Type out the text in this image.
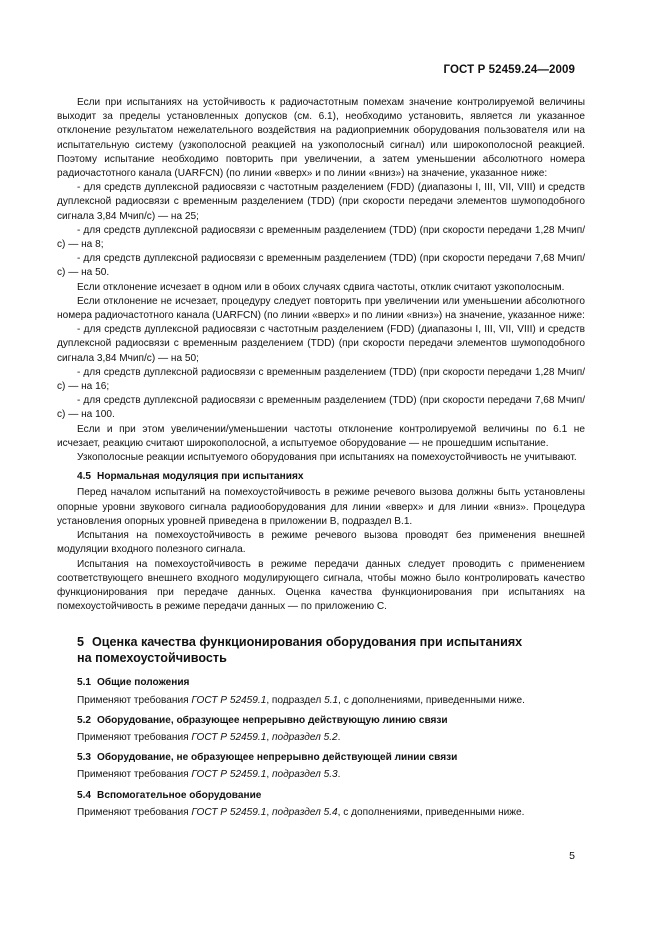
ГОСТ Р 52459.24—2009

Если при испытаниях на устойчивость к радиочастотным помехам значение контролируемой величины выходит за пределы установленных допусков (см. 6.1), необходимо установить, является ли указанное отклонение результатом нежелательного воздействия на радиоприемник оборудования пользователя или на испытательную систему (узкополосной реакцией на узкополосный сигнал) или широкополосной реакцией. Поэтому испытание необходимо повторить при увеличении, а затем уменьшении абсолютного номера радиочастотного канала (UARFCN) (по линии «вверх» и по линии «вниз») на значение, указанное ниже:

- для средств дуплексной радиосвязи с частотным разделением (FDD) (диапазоны I, III, VII, VIII) и средств дуплексной радиосвязи с временным разделением (TDD) (при скорости передачи элементов шумоподобного сигнала 3,84 Мчип/с) — на 25;

- для средств дуплексной радиосвязи с временным разделением (TDD) (при скорости передачи 1,28 Мчип/с) — на 8;

- для средств дуплексной радиосвязи с временным разделением (TDD) (при скорости передачи 7,68 Мчип/с) — на 50.

Если отклонение исчезает в одном или в обоих случаях сдвига частоты, отклик считают узкополосным.

Если отклонение не исчезает, процедуру следует повторить при увеличении или уменьшении абсолютного номера радиочастотного канала (UARFCN) (по линии «вверх» и по линии «вниз») на значение, указанное ниже:

- для средств дуплексной радиосвязи с частотным разделением (FDD) (диапазоны I, III, VII, VIII) и средств дуплексной радиосвязи с временным разделением (TDD) (при скорости передачи элементов шумоподобного сигнала 3,84 Мчип/с) — на 50;

- для средств дуплексной радиосвязи с временным разделением (TDD) (при скорости передачи 1,28 Мчип/с) — на 16;

- для средств дуплексной радиосвязи с временным разделением (TDD) (при скорости передачи 7,68 Мчип/с) — на 100.

Если и при этом увеличении/уменьшении частоты отклонение контролируемой величины по 6.1 не исчезает, реакцию считают широкополосной, а испытуемое оборудование — не прошедшим испытание.

Узкополосные реакции испытуемого оборудования при испытаниях на помехоустойчивость не учитывают.

4.5 Нормальная модуляция при испытаниях

Перед началом испытаний на помехоустойчивость в режиме речевого вызова должны быть установлены опорные уровни звукового сигнала радиооборудования для линии «вверх» и для линии «вниз». Процедура установления опорных уровней приведена в приложении В, подраздел В.1.

Испытания на помехоустойчивость в режиме речевого вызова проводят без применения внешней модуляции входного полезного сигнала.

Испытания на помехоустойчивость в режиме передачи данных следует проводить с применением соответствующего внешнего входного модулирующего сигнала, чтобы можно было контролировать качество функционирования при передаче данных. Оценка качества функционирования при испытаниях на помехоустойчивость в режиме передачи данных — по приложению С.

5 Оценка качества функционирования оборудования при испытаниях
на помехоустойчивость

5.1 Общие положения

Применяют требования ГОСТ Р 52459.1, подраздел 5.1, с дополнениями, приведенными ниже.

5.2 Оборудование, образующее непрерывно действующую линию связи

Применяют требования ГОСТ Р 52459.1, подраздел 5.2.

5.3 Оборудование, не образующее непрерывно действующей линии связи

Применяют требования ГОСТ Р 52459.1, подраздел 5.3.

5.4 Вспомогательное оборудование

Применяют требования ГОСТ Р 52459.1, подраздел 5.4, с дополнениями, приведенными ниже.

5
